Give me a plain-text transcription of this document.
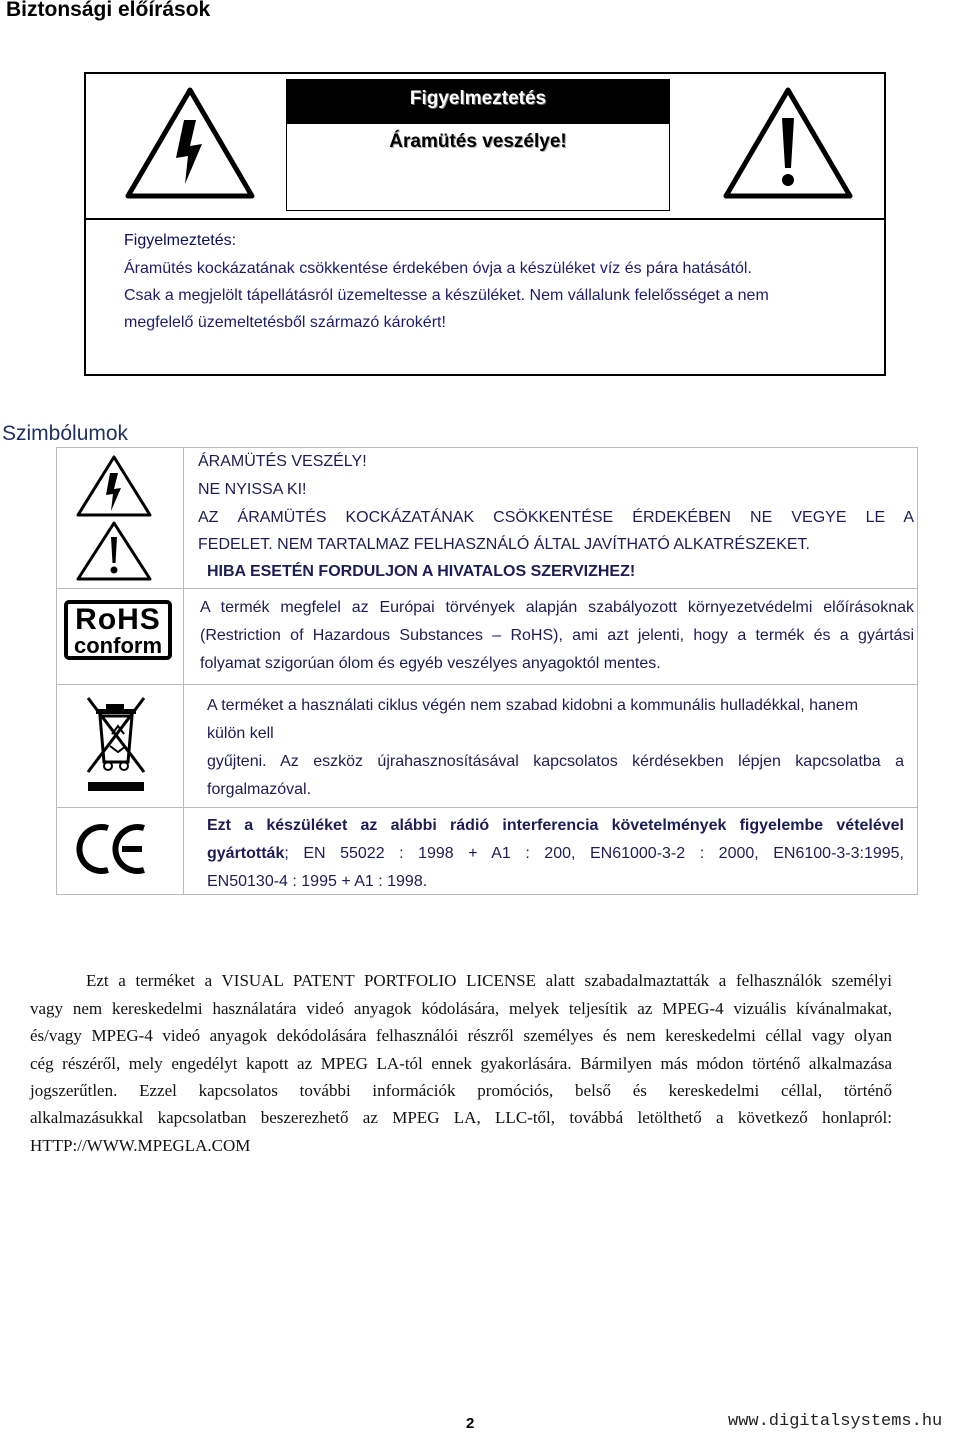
Biztonsági előírások
Figyelmeztetés
Áramütés veszélye!
Figyelmeztetés:
Áramütés kockázatának csökkentése érdekében óvja a készüléket víz és pára hatásától.
Csak a megjelölt tápellátásról üzemeltesse a készüléket. Nem vállalunk felelősséget a nem
megfelelő üzemeltetésből származó károkért!
Szimbólumok
RoHS
conform
ÁRAMÜTÉS VESZÉLY!
NE NYISSA KI!
AZ ÁRAMÜTÉS KOCKÁZATÁNAK CSÖKKENTÉSE ÉRDEKÉBEN NE VEGYE LE A
FEDELET. NEM TARTALMAZ FELHASZNÁLÓ ÁLTAL JAVÍTHATÓ ALKATRÉSZEKET.
HIBA ESETÉN FORDULJON A HIVATALOS SZERVIZHEZ!
A termék megfelel az Európai törvények alapján szabályozott környezetvédelmi előírásoknak
(Restriction of Hazardous Substances – RoHS), ami azt jelenti, hogy a termék és a gyártási
folyamat szigorúan ólom és egyéb veszélyes anyagoktól mentes.
A terméket a használati ciklus végén nem szabad kidobni a kommunális hulladékkal, hanem
külön kell
gyűjteni. Az eszköz újrahasznosításával kapcsolatos kérdésekben lépjen kapcsolatba a
forgalmazóval.
Ezt a készüléket az alábbi rádió interferencia követelmények figyelembe vételével
gyártották ; EN 55022 : 1998 + A1 : 200, EN61000-3-2 : 2000, EN6100-3-3:1995,
EN50130-4 : 1995 + A1 : 1998.
Ezt a terméket a VISUAL PATENT PORTFOLIO LICENSE alatt szabadalmaztatták a felhasználók személyi
vagy nem kereskedelmi használatára videó anyagok kódolására, melyek teljesítik az MPEG-4 vizuális kívánalmakat,
és/vagy MPEG-4 videó anyagok dekódolására felhasználói részről személyes és nem kereskedelmi céllal vagy olyan
cég részéről, mely engedélyt kapott az MPEG LA-tól ennek gyakorlására. Bármilyen más módon történő alkalmazása
jogszerűtlen. Ezzel kapcsolatos további információk promóciós, belső és kereskedelmi céllal, történő
alkalmazásukkal kapcsolatban beszerezhető az MPEG LA, LLC-től, továbbá letölthető a következő honlapról:
HTTP://WWW.MPEGLA.COM
2	www.digitalsystems.hu
